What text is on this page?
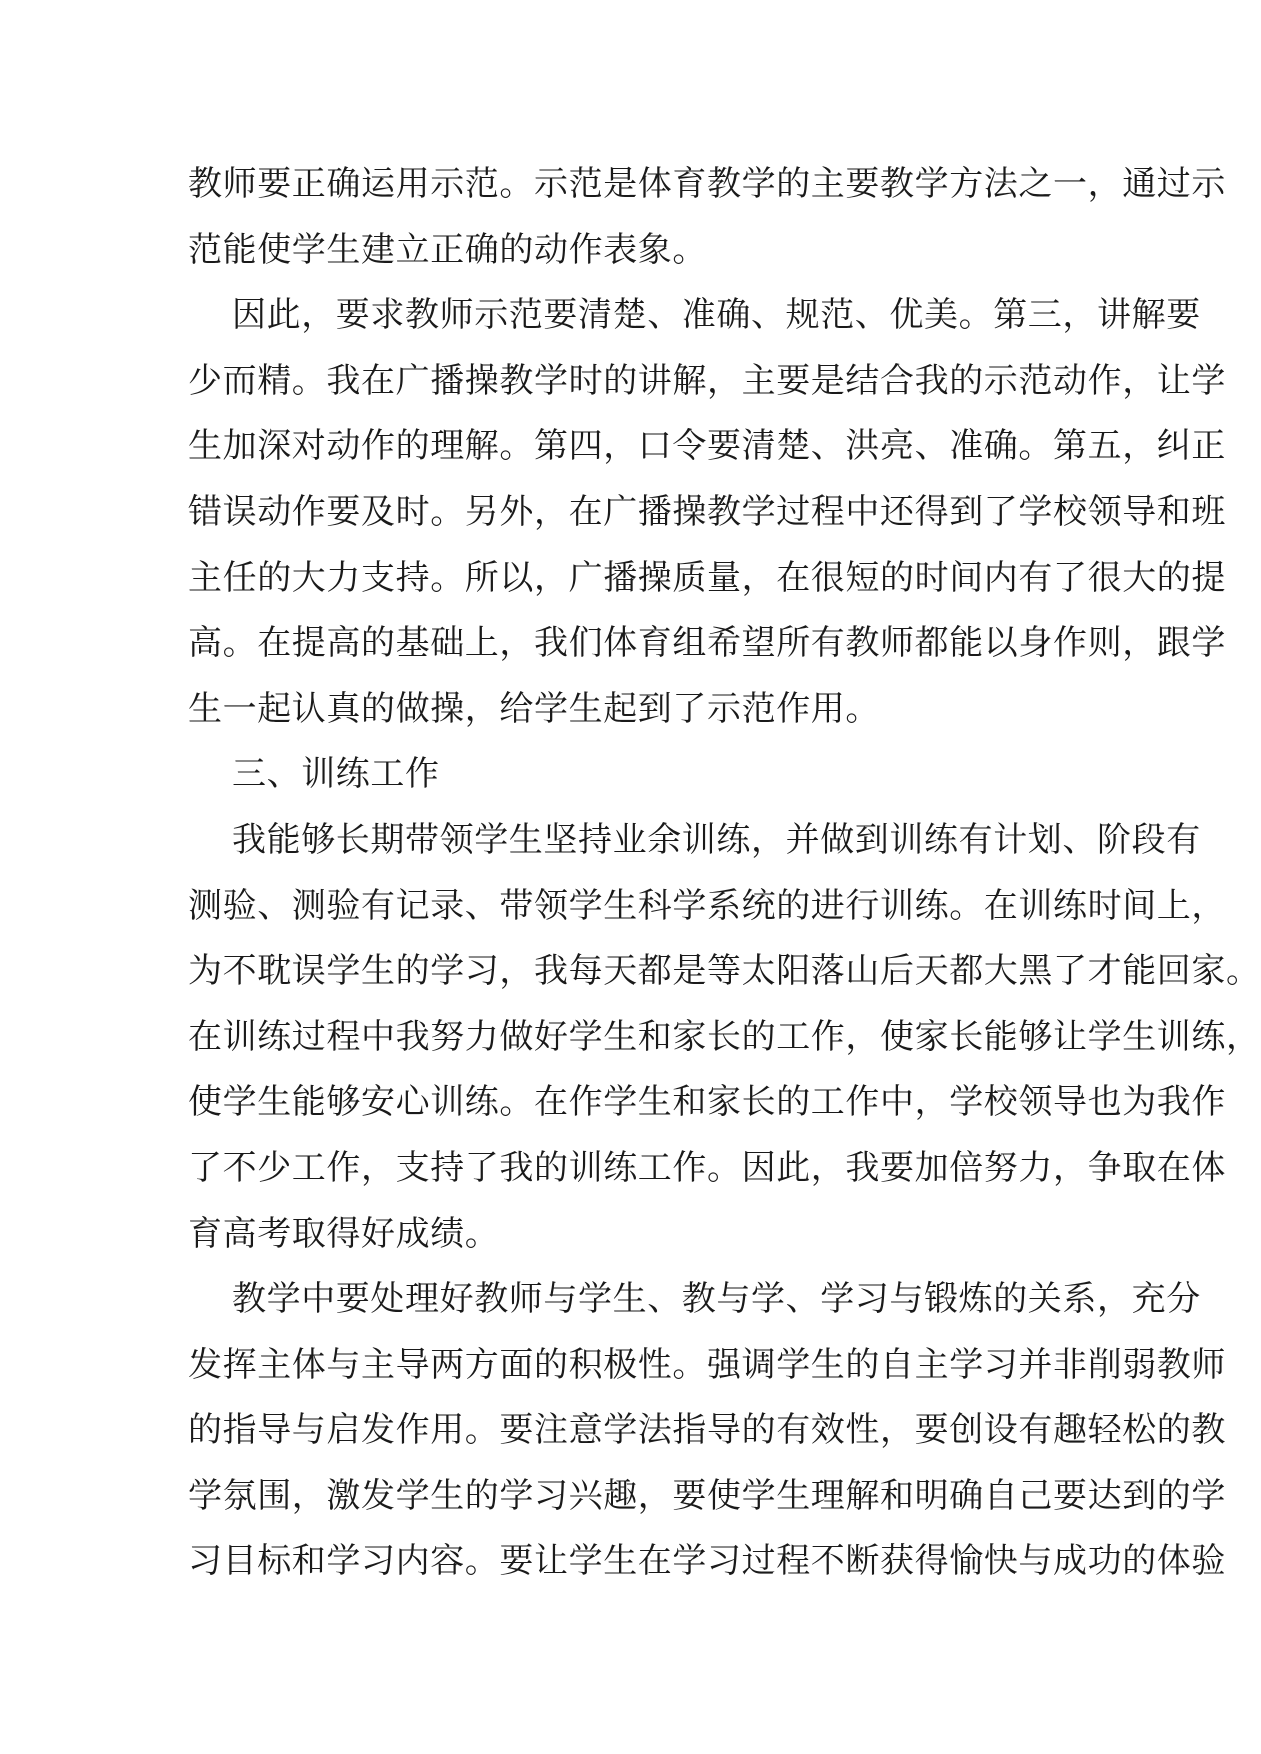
教师要正确运用示范。示范是体育教学的主要教学方法之一，通过示
范能使学生建立正确的动作表象。
因此，要求教师示范要清楚、准确、规范、优美。第三，讲解要
少而精。我在广播操教学时的讲解，主要是结合我的示范动作，让学
生加深对动作的理解。第四，口令要清楚、洪亮、准确。第五，纠正
错误动作要及时。另外，在广播操教学过程中还得到了学校领导和班
主任的大力支持。所以，广播操质量，在很短的时间内有了很大的提
高。在提高的基础上，我们体育组希望所有教师都能以身作则，跟学
生一起认真的做操，给学生起到了示范作用。
三、训练工作
我能够长期带领学生坚持业余训练，并做到训练有计划、阶段有
测验、测验有记录、带领学生科学系统的进行训练。在训练时间上，
为不耽误学生的学习，我每天都是等太阳落山后天都大黑了才能回家。
在训练过程中我努力做好学生和家长的工作，使家长能够让学生训练，
使学生能够安心训练。在作学生和家长的工作中，学校领导也为我作
了不少工作，支持了我的训练工作。因此，我要加倍努力，争取在体
育高考取得好成绩。
教学中要处理好教师与学生、教与学、学习与锻炼的关系，充分
发挥主体与主导两方面的积极性。强调学生的自主学习并非削弱教师
的指导与启发作用。要注意学法指导的有效性，要创设有趣轻松的教
学氛围，激发学生的学习兴趣，要使学生理解和明确自己要达到的学
习目标和学习内容。要让学生在学习过程不断获得愉快与成功的体验
